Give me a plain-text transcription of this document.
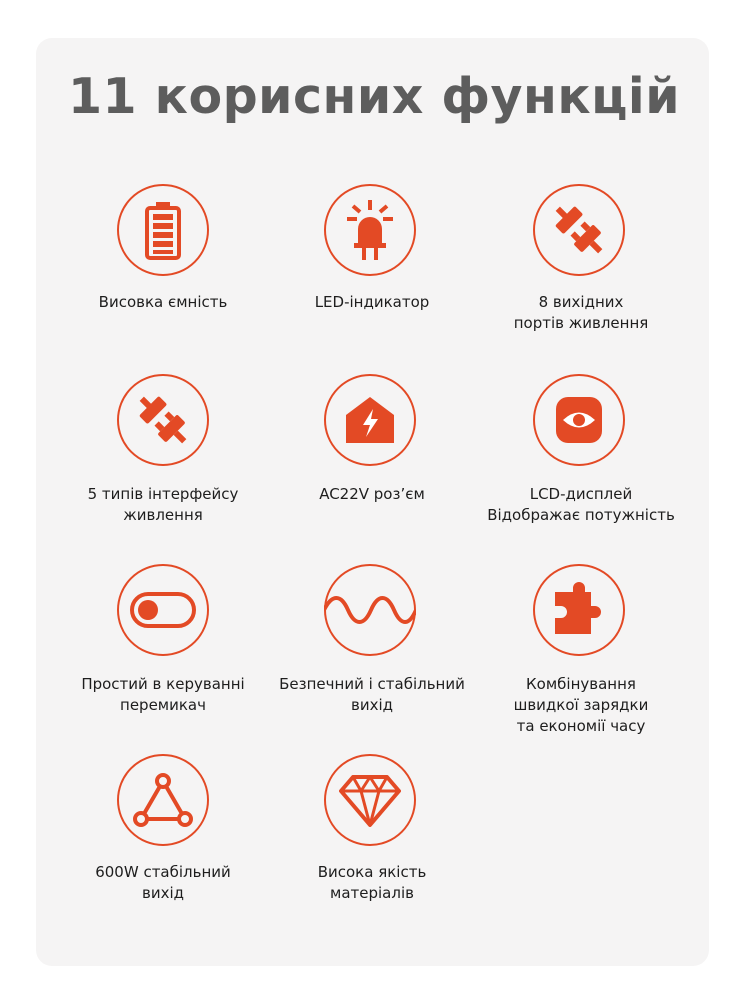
11 корисних функцій
Висовка ємність	LED-індикатор	8 вихідних
портів живлення
5 типів інтерфейсу
живлення
AC22V роз’єм	LCD-дисплей
Відображає потужність
Простий в керуванні
перемикач
Безпечний і стабільний
вихід
Комбінування
швидкої зарядки
та економії часу
600W стабільний
вихід
Висока якість
матеріалів
